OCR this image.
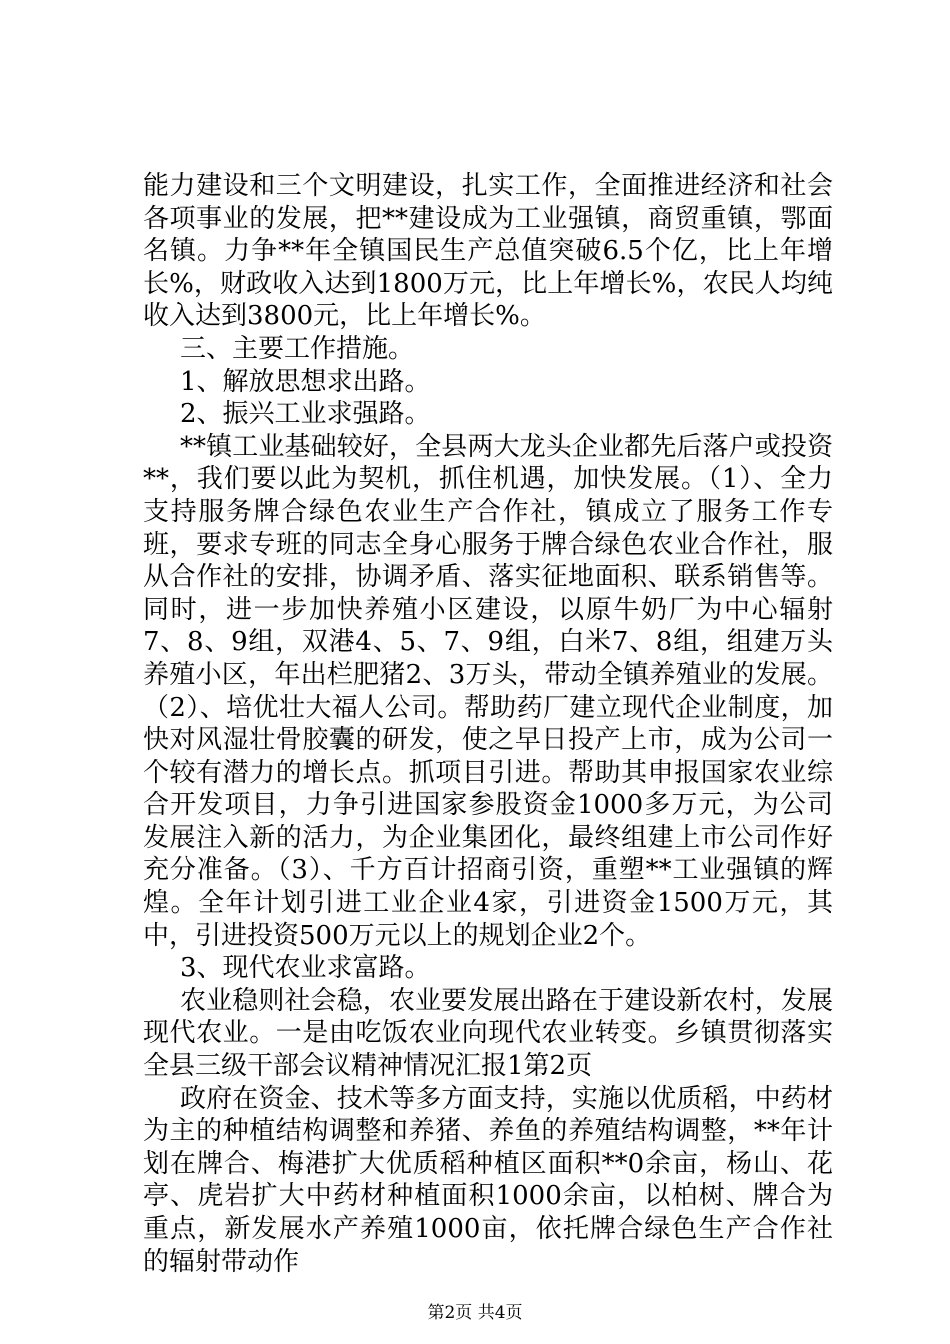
能力建设和三个文明建设，扎实工作，全面推进经济和社会各项事业的发展，把**建设成为工业强镇，商贸重镇，鄂面名镇。力争**年全镇国民生产总值突破6.5个亿，比上年增长%，财政收入达到1800万元，比上年增长%，农民人均纯收入达到3800元，比上年增长%。

三、主要工作措施。

1、解放思想求出路。

2、振兴工业求强路。

**镇工业基础较好，全县两大龙头企业都先后落户或投资**，我们要以此为契机，抓住机遇，加快发展。（1）、全力支持服务牌合绿色农业生产合作社，镇成立了服务工作专班，要求专班的同志全身心服务于牌合绿色农业合作社，服从合作社的安排，协调矛盾、落实征地面积、联系销售等。同时，进一步加快养殖小区建设，以原牛奶厂为中心辐射7、8、9组，双港4、5、7、9组，白米7、8组，组建万头养殖小区，年出栏肥猪2、3万头，带动全镇养殖业的发展。（2）、培优壮大福人公司。帮助药厂建立现代企业制度，加快对风湿壮骨胶囊的研发，使之早日投产上市，成为公司一个较有潜力的增长点。抓项目引进。帮助其申报国家农业综合开发项目，力争引进国家参股资金1000多万元，为公司发展注入新的活力，为企业集团化，最终组建上市公司作好充分准备。（3）、千方百计招商引资，重塑**工业强镇的辉煌。全年计划引进工业企业4家，引进资金1500万元，其中，引进投资500万元以上的规划企业2个。

3、现代农业求富路。

农业稳则社会稳，农业要发展出路在于建设新农村，发展现代农业。一是由吃饭农业向现代农业转变。乡镇贯彻落实全县三级干部会议精神情况汇报1第2页

政府在资金、技术等多方面支持，实施以优质稻，中药材为主的种植结构调整和养猪、养鱼的养殖结构调整，**年计划在牌合、梅港扩大优质稻种植区面积**0余亩，杨山、花亭、虎岩扩大中药材种植面积1000余亩，以柏树、牌合为重点，新发展水产养殖1000亩，依托牌合绿色生产合作社的辐射带动作

第2页 共4页
